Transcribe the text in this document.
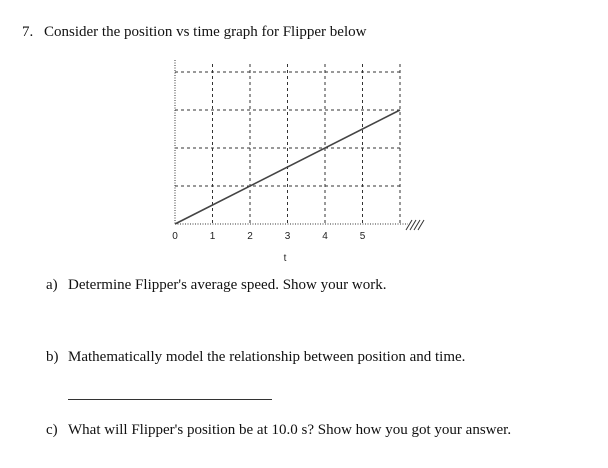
7. Consider the position vs time graph for Flipper below
0	1	2	3	4	5
t
a) Determine Flipper's average speed. Show your work.
b) Mathematically model the relationship between position and time.
c) What will Flipper's position be at 10.0 s? Show how you got your answer.
